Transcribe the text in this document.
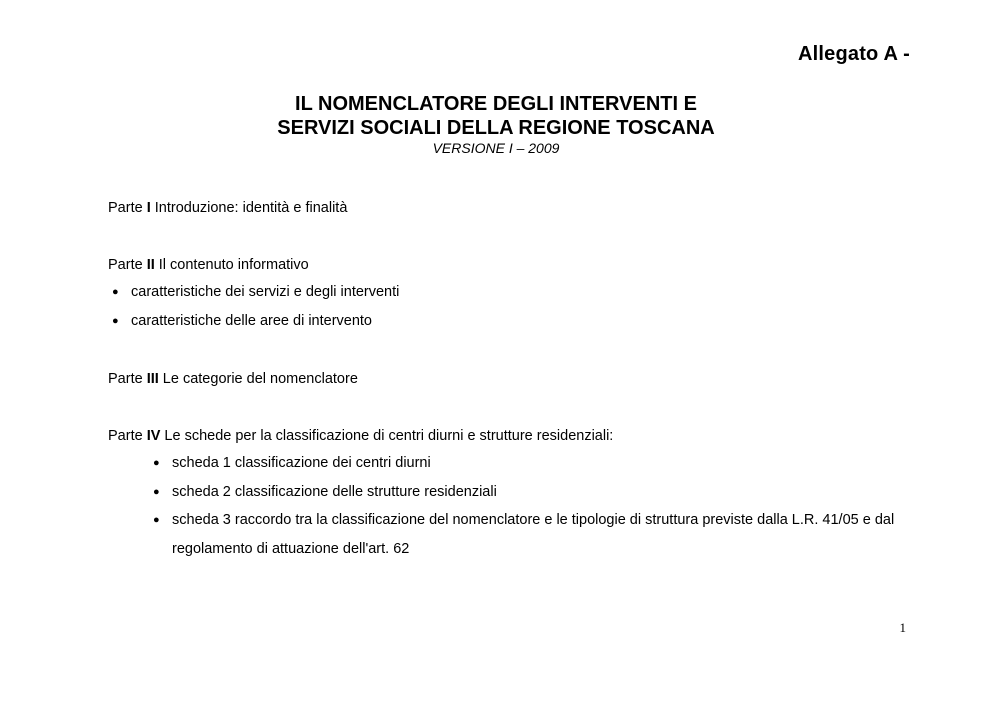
Allegato A -
IL NOMENCLATORE DEGLI INTERVENTI E
SERVIZI SOCIALI DELLA REGIONE TOSCANA
VERSIONE I – 2009
Parte I Introduzione: identità e finalità
Parte II Il contenuto informativo
● caratteristiche dei servizi e degli interventi
● caratteristiche delle aree di intervento
Parte III Le categorie del nomenclatore
Parte IV Le schede per la classificazione di centri diurni e strutture residenziali:
● scheda 1 classificazione dei centri diurni
● scheda 2 classificazione delle strutture residenziali
● scheda 3 raccordo tra la classificazione del nomenclatore e le tipologie di struttura previste dalla L.R. 41/05 e dal regolamento di attuazione dell'art. 62
1
